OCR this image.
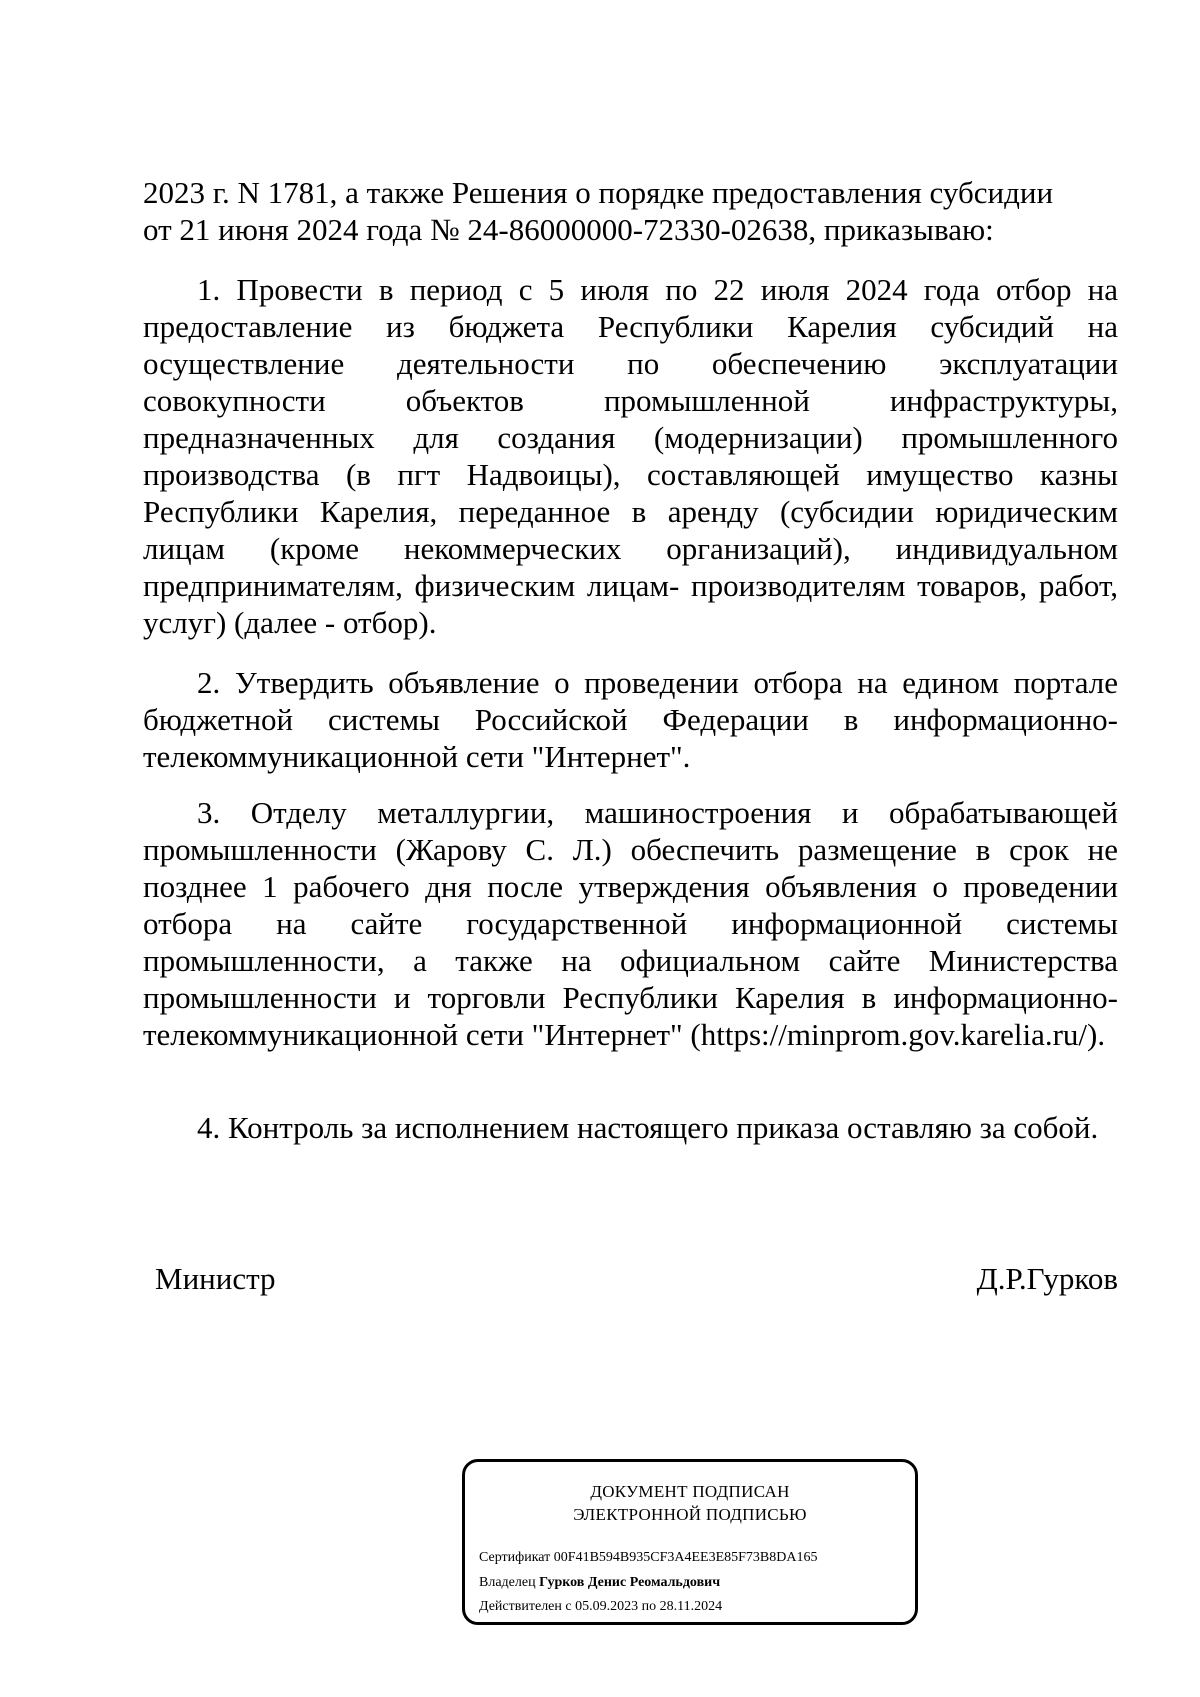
2023 г. N 1781, а также Решения о порядке предоставления субсидии
от 21 июня 2024 года № 24-86000000-72330-02638, приказываю:

1. Провести в период с 5 июля по 22 июля 2024 года отбор на предоставление из бюджета Республики Карелия субсидий на осуществление деятельности по обеспечению эксплуатации совокупности объектов промышленной инфраструктуры, предназначенных для создания (модернизации) промышленного производства (в пгт Надвоицы), составляющей имущество казны Республики Карелия, переданное в аренду (субсидии юридическим лицам (кроме некоммерческих организаций), индивидуальном предпринимателям, физическим лицам- производителям товаров, работ, услуг) (далее - отбор).

2. Утвердить объявление о проведении отбора на едином портале бюджетной системы Российской Федерации в информационно-телекоммуникационной сети "Интернет".

3. Отделу металлургии, машиностроения и обрабатывающей промышленности (Жарову С. Л.) обеспечить размещение в срок не позднее 1 рабочего дня после утверждения объявления о проведении отбора на сайте государственной информационной системы промышленности, а также на официальном сайте Министерства промышленности и торговли Республики Карелия в информационно-телекоммуникационной сети "Интернет" (https://minprom.gov.karelia.ru/).

4. Контроль за исполнением настоящего приказа оставляю за собой.

Министр	Д.Р.Гурков
ДОКУМЕНТ ПОДПИСАН
ЭЛЕКТРОННОЙ ПОДПИСЬЮ
Сертификат 00F41B594B935CF3A4EE3E85F73B8DA165
Владелец Гурков Денис Реомальдович
Действителен с 05.09.2023 по 28.11.2024
